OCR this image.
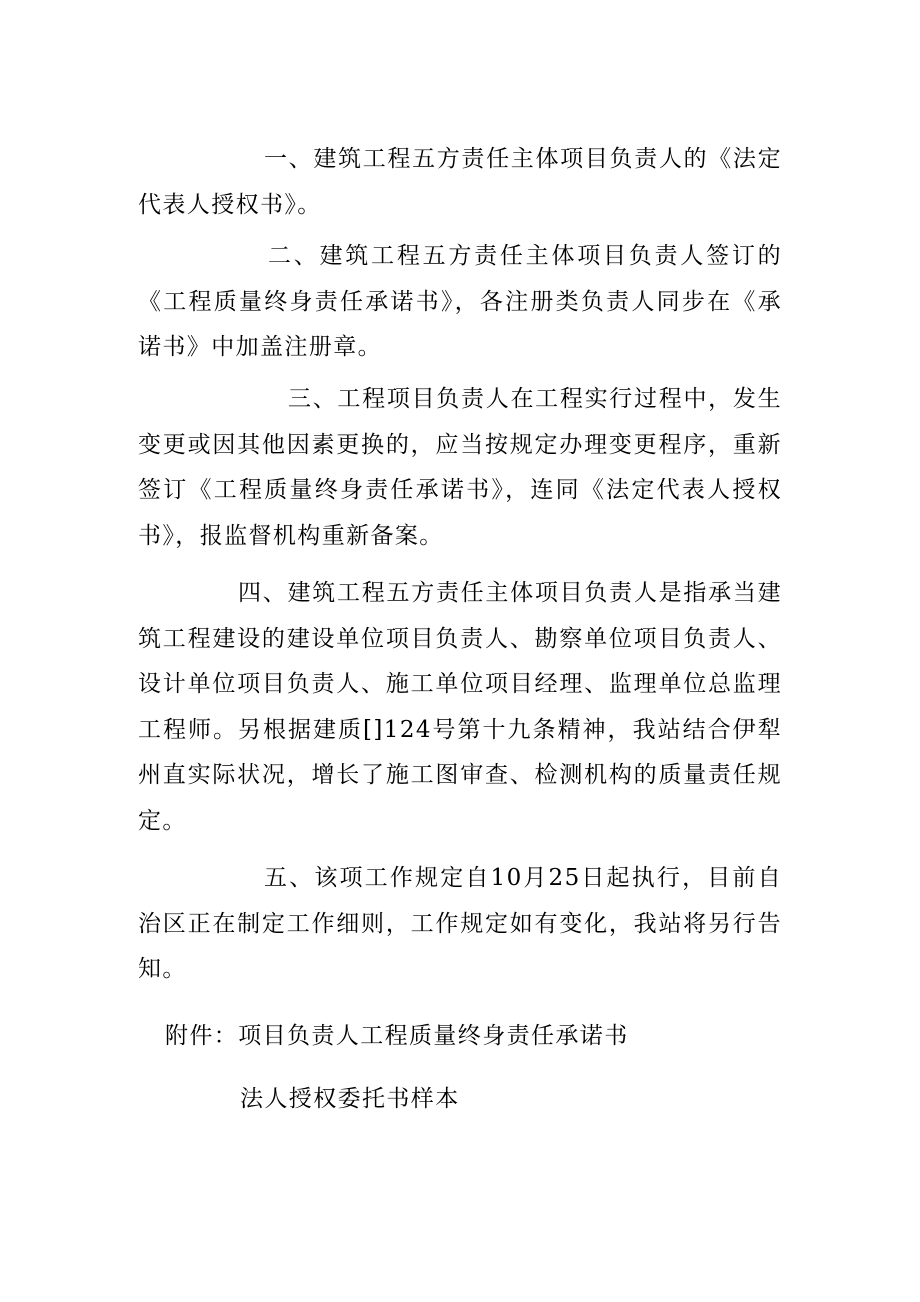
一、建筑工程五方责任主体项目负责人的《法定代表人授权书》。

二、建筑工程五方责任主体项目负责人签订的《工程质量终身责任承诺书》，各注册类负责人同步在《承诺书》中加盖注册章。

三、工程项目负责人在工程实行过程中，发生变更或因其他因素更换的，应当按规定办理变更程序，重新签订《工程质量终身责任承诺书》，连同《法定代表人授权书》，报监督机构重新备案。

四、建筑工程五方责任主体项目负责人是指承当建筑工程建设的建设单位项目负责人、勘察单位项目负责人、设计单位项目负责人、施工单位项目经理、监理单位总监理工程师。另根据建质[]124号第十九条精神，我站结合伊犁州直实际状况，增长了施工图审查、检测机构的质量责任规定。

五、该项工作规定自10月25日起执行，目前自治区正在制定工作细则，工作规定如有变化，我站将另行告知。

附件：项目负责人工程质量终身责任承诺书
法人授权委托书样本
